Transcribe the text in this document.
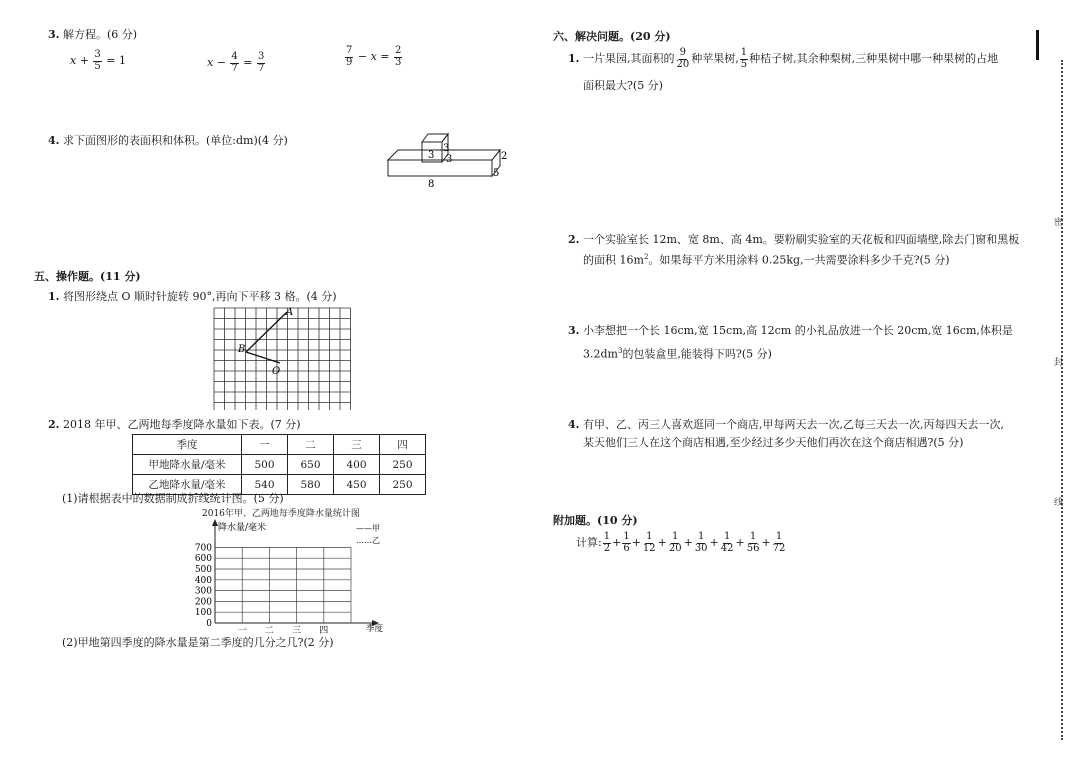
3. 解方程。(6 分)
$x + \frac{3}{5} = 1$	$x - \frac{4}{7} = \frac{3}{7}$	$\frac{7}{9} - x = \frac{2}{3}$
4. 求下面图形的表面积和体积。(单位:dm)(4 分)
3
3
3	2
5
8
五、操作题。(11 分)
1. 将图形绕点 O 顺时针旋转 90°,再向下平移 3 格。(4 分)
A
B
O
2. 2018 年甲、乙两地每季度降水量如下表。(7 分)
季度	一	二	三	四
甲地降水量/毫米	500	650	400	250
乙地降水量/毫米	540	580	450	250
(1)请根据表中的数据制成折线统计图。(5 分)
2016年甲、乙两地每季度降水量统计图
降水量/毫米
季度
——甲
……乙
700
600
500
400
300
200
100
0
一 二 三 四
(2)甲地第四季度的降水量是第二季度的几分之几?(2 分)
六、解决问题。(20 分)
1. 一片果园,其面积的 $\frac{9}{20}$ 种苹果树, $\frac{1}{5}$ 种桔子树,其余种梨树,三种果树中哪一种果树的占地
面积最大?(5 分)
2. 一个实验室长 12m、宽 8m、高 4m。要粉刷实验室的天花板和四面墙壁,除去门窗和黑板
的面积 $16m^2$。如果每平方米用涂料 0.25kg,一共需要涂料多少千克?(5 分)
3. 小李想把一个长 16cm,宽 15cm,高 12cm 的小礼品放进一个长 20cm,宽 16cm,体积是
$3.2dm^3$的包装盒里,能装得下吗?(5 分)
4. 有甲、乙、丙三人喜欢逛同一个商店,甲每两天去一次,乙每三天去一次,丙每四天去一次,
某天他们三人在这个商店相遇,至少经过多少天他们再次在这个商店相遇?(5 分)
附加题。(10 分)
计算: $\frac{1}{2} + \frac{1}{6} + \frac{1}{12} + \frac{1}{20} + \frac{1}{30} + \frac{1}{42} + \frac{1}{56} + \frac{1}{72}$
密
封
线
